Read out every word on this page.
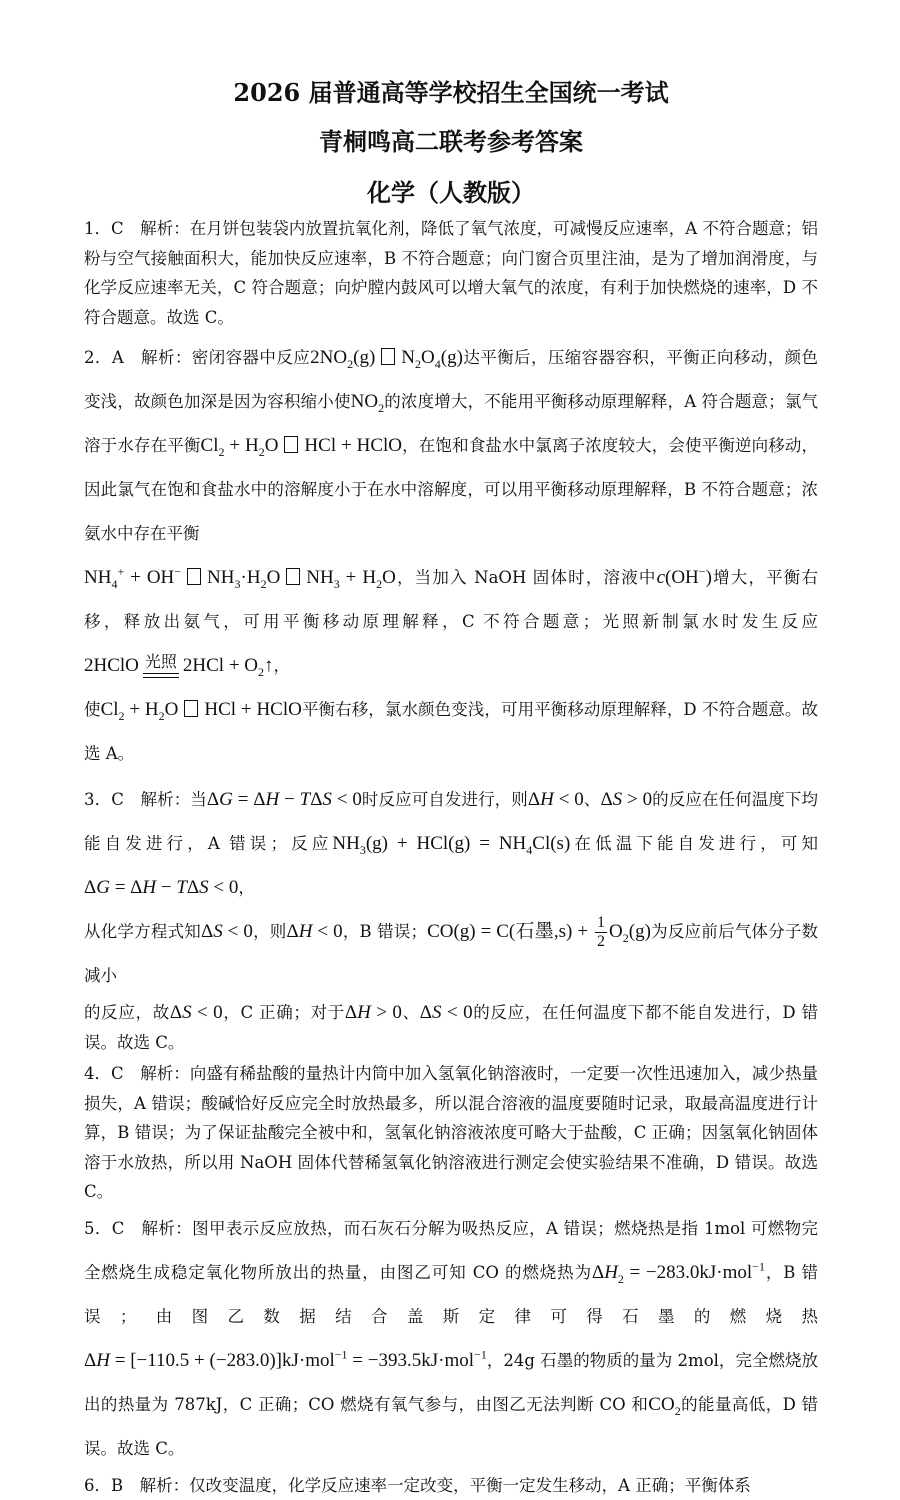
2026 届普通高等学校招生全国统一考试

青桐鸣高二联考参考答案

化学（人教版）

1．C　解析：在月饼包装袋内放置抗氧化剂，降低了氧气浓度，可减慢反应速率，A 不符合题意；铝粉与空气接触面积大，能加快反应速率，B 不符合题意；向门窗合页里注油，是为了增加润滑度，与化学反应速率无关，C 符合题意；向炉膛内鼓风可以增大氧气的浓度，有利于加快燃烧的速率，D 不符合题意。故选 C。

2．A　解析：密闭容器中反应$2NO_2(g)$ $N_2O_4(g)$达平衡后，压缩容器容积，平衡正向移动，颜色变浅，故颜色加深是因为容积缩小使$NO_2$的浓度增大，不能用平衡移动原理解释，A 符合题意；氯气溶于水存在平衡$Cl_2 + H_2O$ HCl + HClO，在饱和食盐水中氯离子浓度较大，会使平衡逆向移动，因此氯气在饱和食盐水中的溶解度小于在水中溶解度，可以用平衡移动原理解释，B 不符合题意；浓氨水中存在平衡
$NH_4^+ + OH^-$ $NH_3\cdot H_2O$ $NH_3 + H_2O$，当加入 NaOH 固体时，溶液中c(OH−)增大，平衡右移，释放出氨气，可用平衡移动原理解释，C 不符合题意；光照新制氯水时发生反应2HClO 光照 $2HCl + O_2↑$，
使$Cl_2 + H_2O$ HCl + HClO平衡右移，氯水颜色变浅，可用平衡移动原理解释，D 不符合题意。故选 A。

3．C　解析：当ΔG = ΔH − TΔS < 0时反应可自发进行，则ΔH < 0、ΔS > 0的反应在任何温度下均能自发进行，A 错误；反应$NH_3(g) + HCl(g) = NH_4Cl(s)$在低温下能自发进行，可知ΔG = ΔH − TΔS < 0，
从化学方程式知ΔS < 0，则ΔH < 0，B 错误；CO(g) = C(石墨$,s) + \frac{1}{2} O_2(g)$为反应前后气体分子数减小

的反应，故ΔS < 0，C 正确；对于ΔH > 0、ΔS < 0的反应，在任何温度下都不能自发进行，D 错误。故选 C。

4．C　解析：向盛有稀盐酸的量热计内筒中加入氢氧化钠溶液时，一定要一次性迅速加入，减少热量损失，A 错误；酸碱恰好反应完全时放热最多，所以混合溶液的温度要随时记录，取最高温度进行计算，B 错误；为了保证盐酸完全被中和，氢氧化钠溶液浓度可略大于盐酸，C 正确；因氢氧化钠固体溶于水放热，所以用 NaOH 固体代替稀氢氧化钠溶液进行测定会使实验结果不准确，D 错误。故选 C。

5．C　解析：图甲表示反应放热，而石灰石分解为吸热反应，A 错误；燃烧热是指 1mol 可燃物完全燃烧生成稳定氧化物所放出的热量，由图乙可知 CO 的燃烧热为$\Delta H_2 = -283.0kJ\cdot mol^{-1}$，B 错误；由图乙数据结合盖斯定律可得石墨的燃烧热ΔH = [−110.5 + (−283.0)]kJ·mol$^{-1}$ = −393.5kJ·mol$^{-1}$，24g 石墨的物质的量为 2mol，完全燃烧放出的热量为 787kJ，C 正确；CO 燃烧有氧气参与，由图乙无法判断 CO 和$CO_2$的能量高低，D 错误。故选 C。

6．B　解析：仅改变温度，化学反应速率一定改变，平衡一定发生移动，A 正确；平衡体系
